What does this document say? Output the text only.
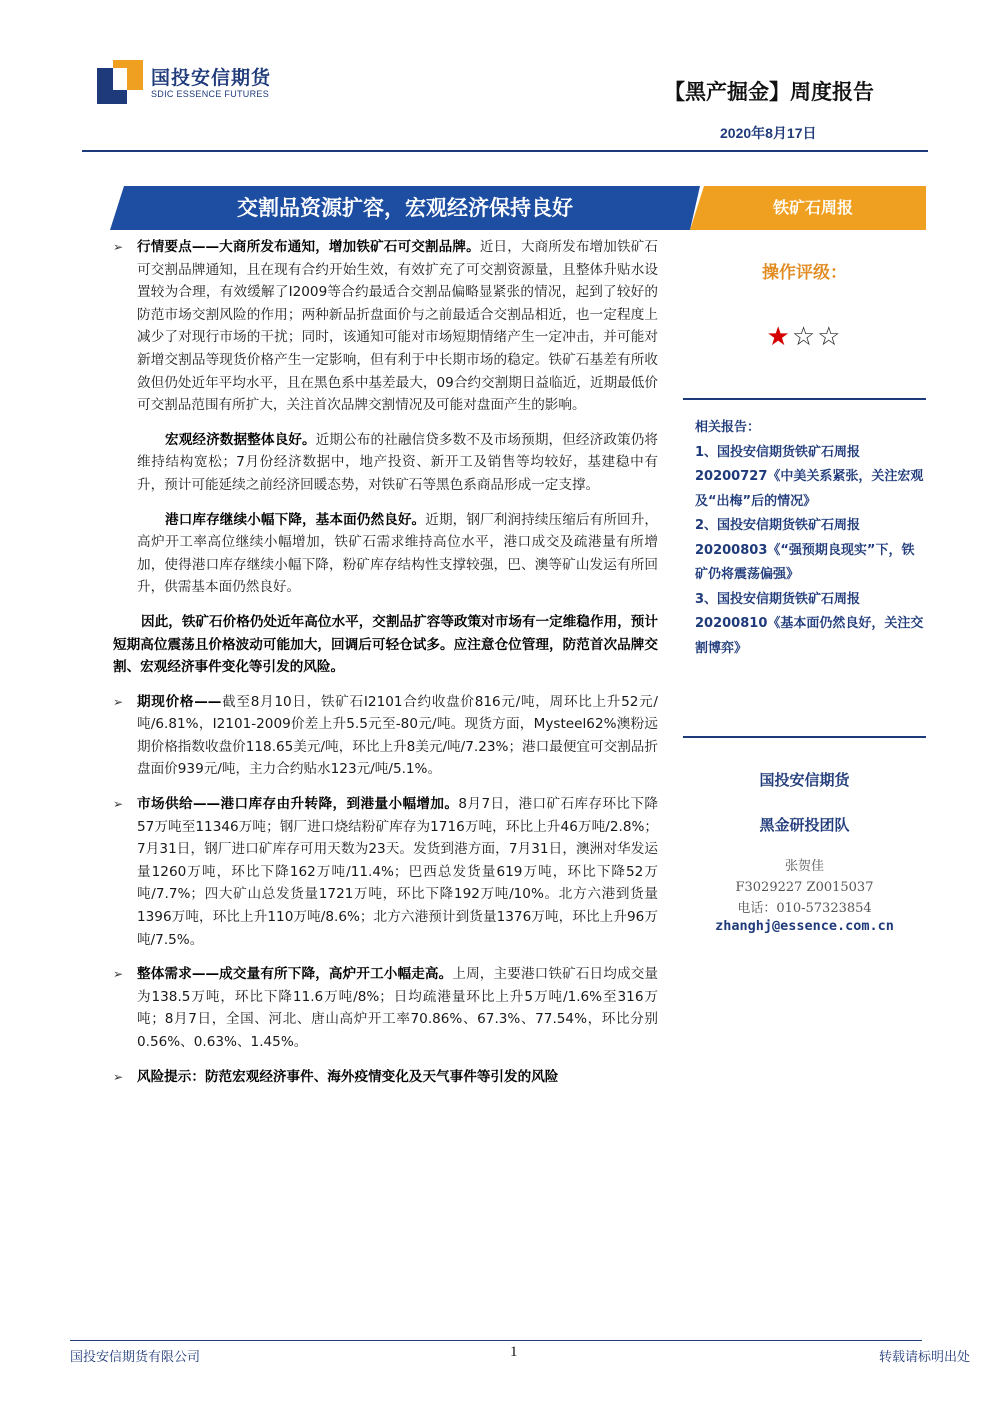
国投安信期货
SDIC ESSENCE FUTURES	【黑产掘金】周度报告
2020年8月17日
交割品资源扩容，宏观经济保持良好	铁矿石周报

➢ 行情要点——大商所发布通知，增加铁矿石可交割品牌。近日，大商所发布增加铁矿石可交割品牌通知，且在现有合约开始生效，有效扩充了可交割资源量，且整体升贴水设置较为合理，有效缓解了I2009等合约最适合交割品偏略显紧张的情况，起到了较好的防范市场交割风险的作用；两种新品折盘面价与之前最适合交割品相近，也一定程度上减少了对现行市场的干扰；同时，该通知可能对市场短期情绪产生一定冲击，并可能对新增交割品等现货价格产生一定影响，但有利于中长期市场的稳定。铁矿石基差有所收敛但仍处近年平均水平，且在黑色系中基差最大，09合约交割期日益临近，近期最低价可交割品范围有所扩大，关注首次品牌交割情况及可能对盘面产生的影响。

宏观经济数据整体良好。近期公布的社融信贷多数不及市场预期，但经济政策仍将维持结构宽松；7月份经济数据中，地产投资、新开工及销售等均较好，基建稳中有升，预计可能延续之前经济回暖态势，对铁矿石等黑色系商品形成一定支撑。

港口库存继续小幅下降，基本面仍然良好。近期，钢厂利润持续压缩后有所回升，高炉开工率高位继续小幅增加，铁矿石需求维持高位水平，港口成交及疏港量有所增加，使得港口库存继续小幅下降，粉矿库存结构性支撑较强，巴、澳等矿山发运有所回升，供需基本面仍然良好。

因此，铁矿石价格仍处近年高位水平，交割品扩容等政策对市场有一定维稳作用，预计短期高位震荡且价格波动可能加大，回调后可轻仓试多。应注意仓位管理，防范首次品牌交割、宏观经济事件变化等引发的风险。

➢ 期现价格——截至8月10日，铁矿石I2101合约收盘价816元/吨，周环比上升52元/吨/6.81%，I2101-2009价差上升5.5元至-80元/吨。现货方面，Mysteel62%澳粉远期价格指数收盘价118.65美元/吨，环比上升8美元/吨/7.23%；港口最便宜可交割品折盘面价939元/吨，主力合约贴水123元/吨/5.1%。

➢ 市场供给——港口库存由升转降，到港量小幅增加。8月7日，港口矿石库存环比下降57万吨至11346万吨；钢厂进口烧结粉矿库存为1716万吨，环比上升46万吨/2.8%；7月31日，钢厂进口矿库存可用天数为23天。发货到港方面，7月31日，澳洲对华发运量1260万吨，环比下降162万吨/11.4%；巴西总发货量619万吨，环比下降52万吨/7.7%；四大矿山总发货量1721万吨，环比下降192万吨/10%。北方六港到货量1396万吨，环比上升110万吨/8.6%；北方六港预计到货量1376万吨，环比上升96万吨/7.5%。

➢ 整体需求——成交量有所下降，高炉开工小幅走高。上周，主要港口铁矿石日均成交量为138.5万吨，环比下降11.6万吨/8%；日均疏港量环比上升5万吨/1.6%至316万吨；8月7日，全国、河北、唐山高炉开工率70.86%、67.3%、77.54%，环比分别0.56%、0.63%、1.45%。

➢ 风险提示：防范宏观经济事件、海外疫情变化及天气事件等引发的风险

操作评级：
★☆☆
相关报告：
1、国投安信期货铁矿石周报20200727《中美关系紧张，关注宏观及“出梅”后的情况》
2、国投安信期货铁矿石周报20200803《“强预期良现实”下，铁矿仍将震荡偏强》
3、国投安信期货铁矿石周报20200810《基本面仍然良好，关注交割博弈》
国投安信期货
黑金研投团队
张贺佳
F3029227 Z0015037
电话：010-57323854
zhanghj@essence.com.cn
国投安信期货有限公司	1	转载请标明出处
